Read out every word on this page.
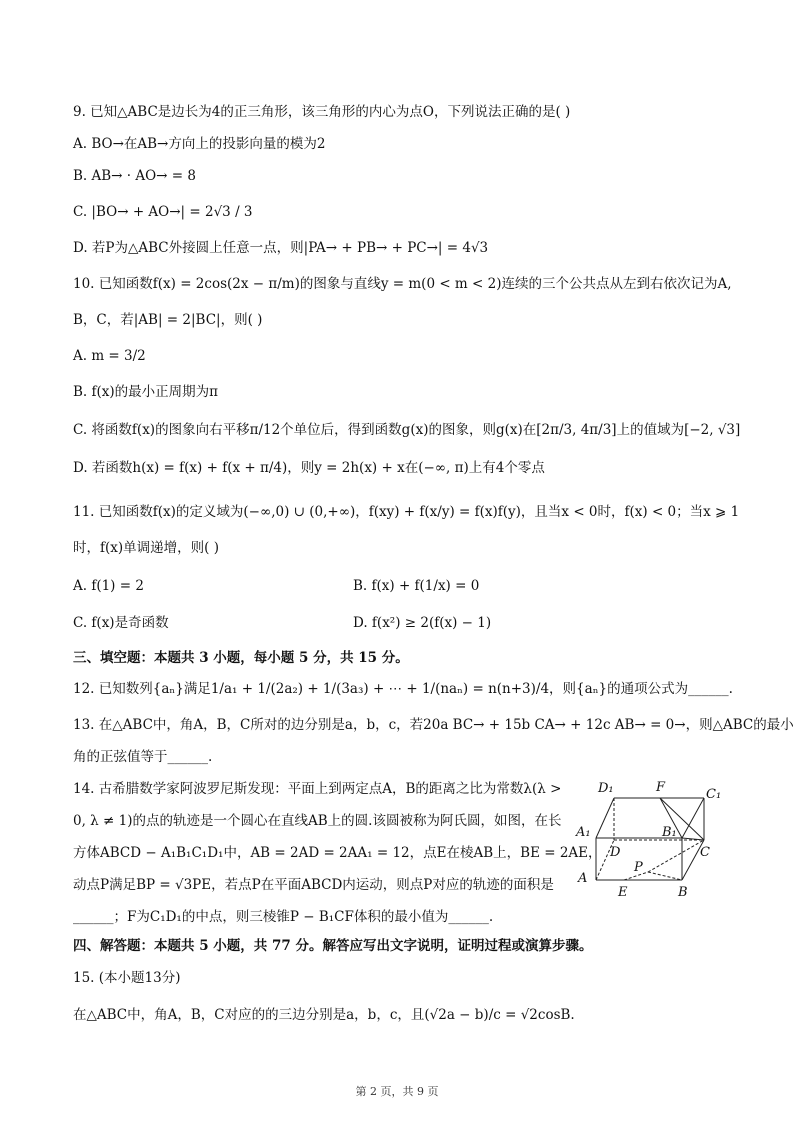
9. 已知△ABC是边长为4的正三角形，该三角形的内心为点O，下列说法正确的是( )
A. BO→在AB→方向上的投影向量的模为2
B. AB→ · AO→ = 8
C. |BO→ + AO→| = 2√3 / 3
D. 若P为△ABC外接圆上任意一点，则|PA→ + PB→ + PC→| = 4√3
10. 已知函数f(x) = 2cos(2x − π/m)的图象与直线y = m(0 < m < 2)连续的三个公共点从左到右依次记为A,
B，C，若|AB| = 2|BC|，则( )
A. m = 3/2
B. f(x)的最小正周期为π
C. 将函数f(x)的图象向右平移π/12个单位后，得到函数g(x)的图象，则g(x)在[2π/3, 4π/3]上的值域为[−2, √3]
D. 若函数h(x) = f(x) + f(x + π/4)，则y = 2h(x) + x在(−∞, π)上有4个零点
11. 已知函数f(x)的定义域为(−∞,0) ∪ (0,+∞)，f(xy) + f(x/y) = f(x)f(y)，且当x < 0时，f(x) < 0；当x ⩾ 1
时，f(x)单调递增，则( )
A. f(1) = 2	B. f(x) + f(1/x) = 0
C. f(x)是奇函数	D. f(x²) ≥ 2(f(x) − 1)
三、填空题：本题共 3 小题，每小题 5 分，共 15 分。
12. 已知数列{aₙ}满足1/a₁ + 1/(2a₂) + 1/(3a₃) + ⋯ + 1/(naₙ) = n(n+3)/4，则{aₙ}的通项公式为______.
13. 在△ABC中，角A，B，C所对的边分别是a，b，c，若20a BC→ + 15b CA→ + 12c AB→ = 0→，则△ABC的最小
角的正弦值等于______.
14. 古希腊数学家阿波罗尼斯发现：平面上到两定点A，B的距离之比为常数λ(λ >
0, λ ≠ 1)的点的轨迹是一个圆心在直线AB上的圆.该圆被称为阿氏圆，如图，在长
方体ABCD − A₁B₁C₁D₁中，AB = 2AD = 2AA₁ = 12，点E在棱AB上，BE = 2AE，
动点P满足BP = √3PE，若点P在平面ABCD内运动，则点P对应的轨迹的面积是
______；F为C₁D₁的中点，则三棱锥P − B₁CF体积的最小值为______.
四、解答题：本题共 5 小题，共 77 分。解答应写出文字说明，证明过程或演算步骤。
15. (本小题13分)
在△ABC中，角A，B，C对应的的三边分别是a，b，c，且(√2a − b)/c = √2cosB.
D₁	F	C₁
A₁	B₁
D	C
P
A
E	B
第 2 页，共 9 页
